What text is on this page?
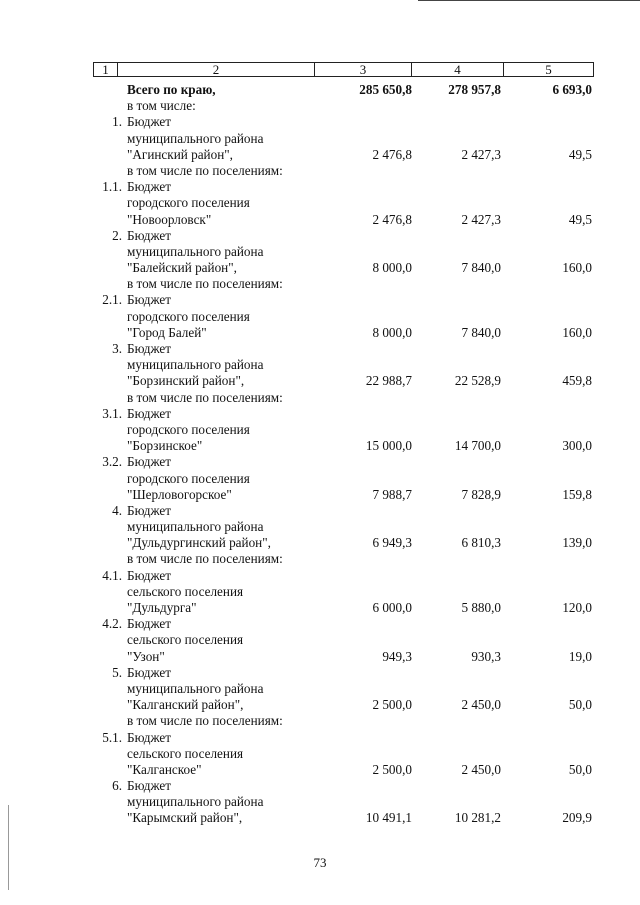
1	2	3	4	5
Всего по краю,	285 650,8	278 957,8	6 693,0
в том числе:
1. Бюджет
муниципального района
"Агинский район",	2 476,8	2 427,3	49,5
в том числе по поселениям:
1.1. Бюджет
городского поселения
"Новоорловск"	2 476,8	2 427,3	49,5
2. Бюджет
муниципального района
"Балейский район",	8 000,0	7 840,0	160,0
в том числе по поселениям:
2.1. Бюджет
городского поселения
"Город Балей"	8 000,0	7 840,0	160,0
3. Бюджет
муниципального района
"Борзинский район",	22 988,7	22 528,9	459,8
в том числе по поселениям:
3.1. Бюджет
городского поселения
"Борзинское"	15 000,0	14 700,0	300,0
3.2. Бюджет
городского поселения
"Шерловогорское"	7 988,7	7 828,9	159,8
4. Бюджет
муниципального района
"Дульдургинский район",	6 949,3	6 810,3	139,0
в том числе по поселениям:
4.1. Бюджет
сельского поселения
"Дульдурга"	6 000,0	5 880,0	120,0
4.2. Бюджет
сельского поселения
"Узон"	949,3	930,3	19,0
5. Бюджет
муниципального района
"Калганский район",	2 500,0	2 450,0	50,0
в том числе по поселениям:
5.1. Бюджет
сельского поселения
"Калганское"	2 500,0	2 450,0	50,0
6. Бюджет
муниципального района
"Карымский район",	10 491,1	10 281,2	209,9
73
